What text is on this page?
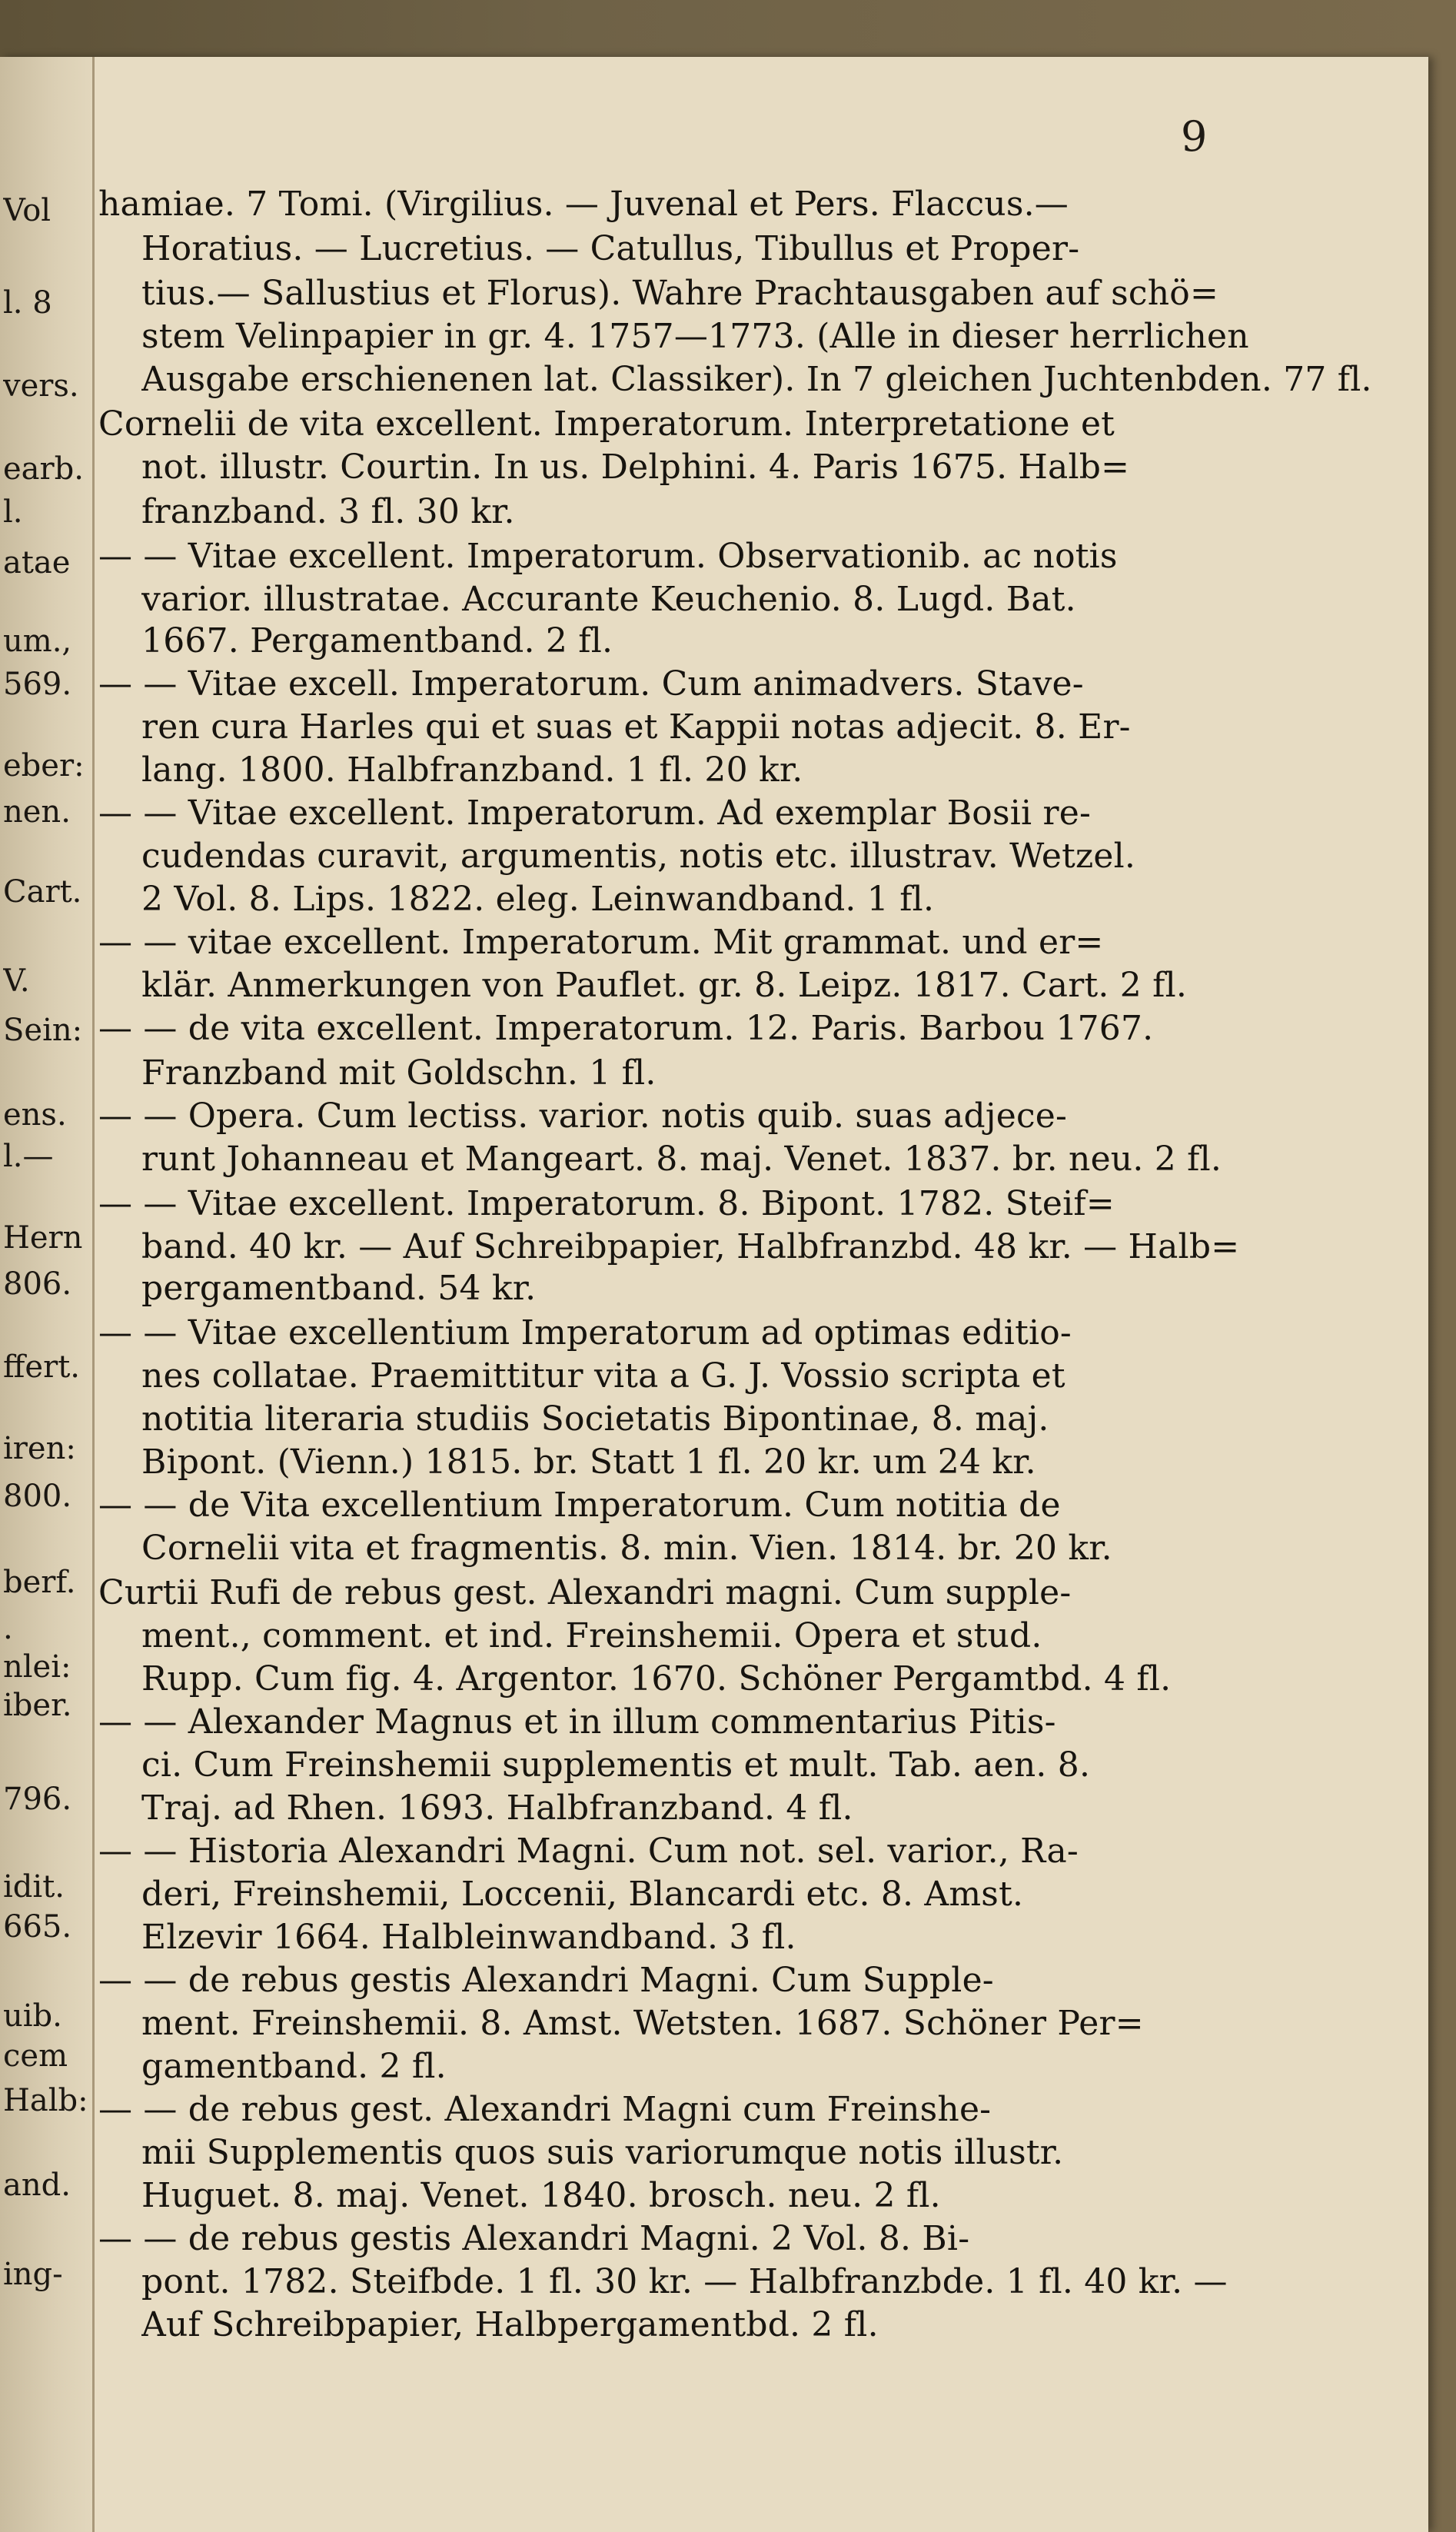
9

Vol

l. 8

vers.

earb.

l.

atae

um.,

569.

eber:

nen.

Cart.

V.

Sein:

ens.

l.—

Hern

806.

ffert.

iren:

800.

berf.

.

nlei:

iber.

796.

idit.

665.

uib.

cem

Halb:

and.

ing-

hamiae. 7 Tomi. (Virgilius. — Juvenal et Pers. Flaccus.—

Horatius. — Lucretius. — Catullus, Tibullus et Proper-

tius.— Sallustius et Florus). Wahre Prachtausgaben auf schö=

stem Velinpapier in gr. 4. 1757—1773. (Alle in dieser herrlichen

Ausgabe erschienenen lat. Classiker). In 7 gleichen Juchtenbden. 77 fl.

Cornelii de vita excellent. Imperatorum. Interpretatione et

not. illustr. Courtin. In us. Delphini. 4. Paris 1675. Halb=

franzband. 3 fl. 30 kr.

— — Vitae excellent. Imperatorum. Observationib. ac notis

varior. illustratae. Accurante Keuchenio. 8. Lugd. Bat.

1667. Pergamentband. 2 fl.

— — Vitae excell. Imperatorum. Cum animadvers. Stave-

ren cura Harles qui et suas et Kappii notas adjecit. 8. Er-

lang. 1800. Halbfranzband. 1 fl. 20 kr.

— — Vitae excellent. Imperatorum. Ad exemplar Bosii re-

cudendas curavit, argumentis, notis etc. illustrav. Wetzel.

2 Vol. 8. Lips. 1822. eleg. Leinwandband. 1 fl.

— — vitae excellent. Imperatorum. Mit grammat. und er=

klär. Anmerkungen von Pauflet. gr. 8. Leipz. 1817. Cart. 2 fl.

— — de vita excellent. Imperatorum. 12. Paris. Barbou 1767.

Franzband mit Goldschn. 1 fl.

— — Opera. Cum lectiss. varior. notis quib. suas adjece-

runt Johanneau et Mangeart. 8. maj. Venet. 1837. br. neu. 2 fl.

— — Vitae excellent. Imperatorum. 8. Bipont. 1782. Steif=

band. 40 kr. — Auf Schreibpapier, Halbfranzbd. 48 kr. — Halb=

pergamentband. 54 kr.

— — Vitae excellentium Imperatorum ad optimas editio-

nes collatae. Praemittitur vita a G. J. Vossio scripta et

notitia literaria studiis Societatis Bipontinae, 8. maj.

Bipont. (Vienn.) 1815. br. Statt 1 fl. 20 kr. um 24 kr.

— — de Vita excellentium Imperatorum. Cum notitia de

Cornelii vita et fragmentis. 8. min. Vien. 1814. br. 20 kr.

Curtii Rufi de rebus gest. Alexandri magni. Cum supple-

ment., comment. et ind. Freinshemii. Opera et stud.

Rupp. Cum fig. 4. Argentor. 1670. Schöner Pergamtbd. 4 fl.

— — Alexander Magnus et in illum commentarius Pitis-

ci. Cum Freinshemii supplementis et mult. Tab. aen. 8.

Traj. ad Rhen. 1693. Halbfranzband. 4 fl.

— — Historia Alexandri Magni. Cum not. sel. varior., Ra-

deri, Freinshemii, Loccenii, Blancardi etc. 8. Amst.

Elzevir 1664. Halbleinwandband. 3 fl.

— — de rebus gestis Alexandri Magni. Cum Supple-

ment. Freinshemii. 8. Amst. Wetsten. 1687. Schöner Per=

gamentband. 2 fl.

— — de rebus gest. Alexandri Magni cum Freinshe-

mii Supplementis quos suis variorumque notis illustr.

Huguet. 8. maj. Venet. 1840. brosch. neu. 2 fl.

— — de rebus gestis Alexandri Magni. 2 Vol. 8. Bi-

pont. 1782. Steifbde. 1 fl. 30 kr. — Halbfranzbde. 1 fl. 40 kr. —

Auf Schreibpapier, Halbpergamentbd. 2 fl.
